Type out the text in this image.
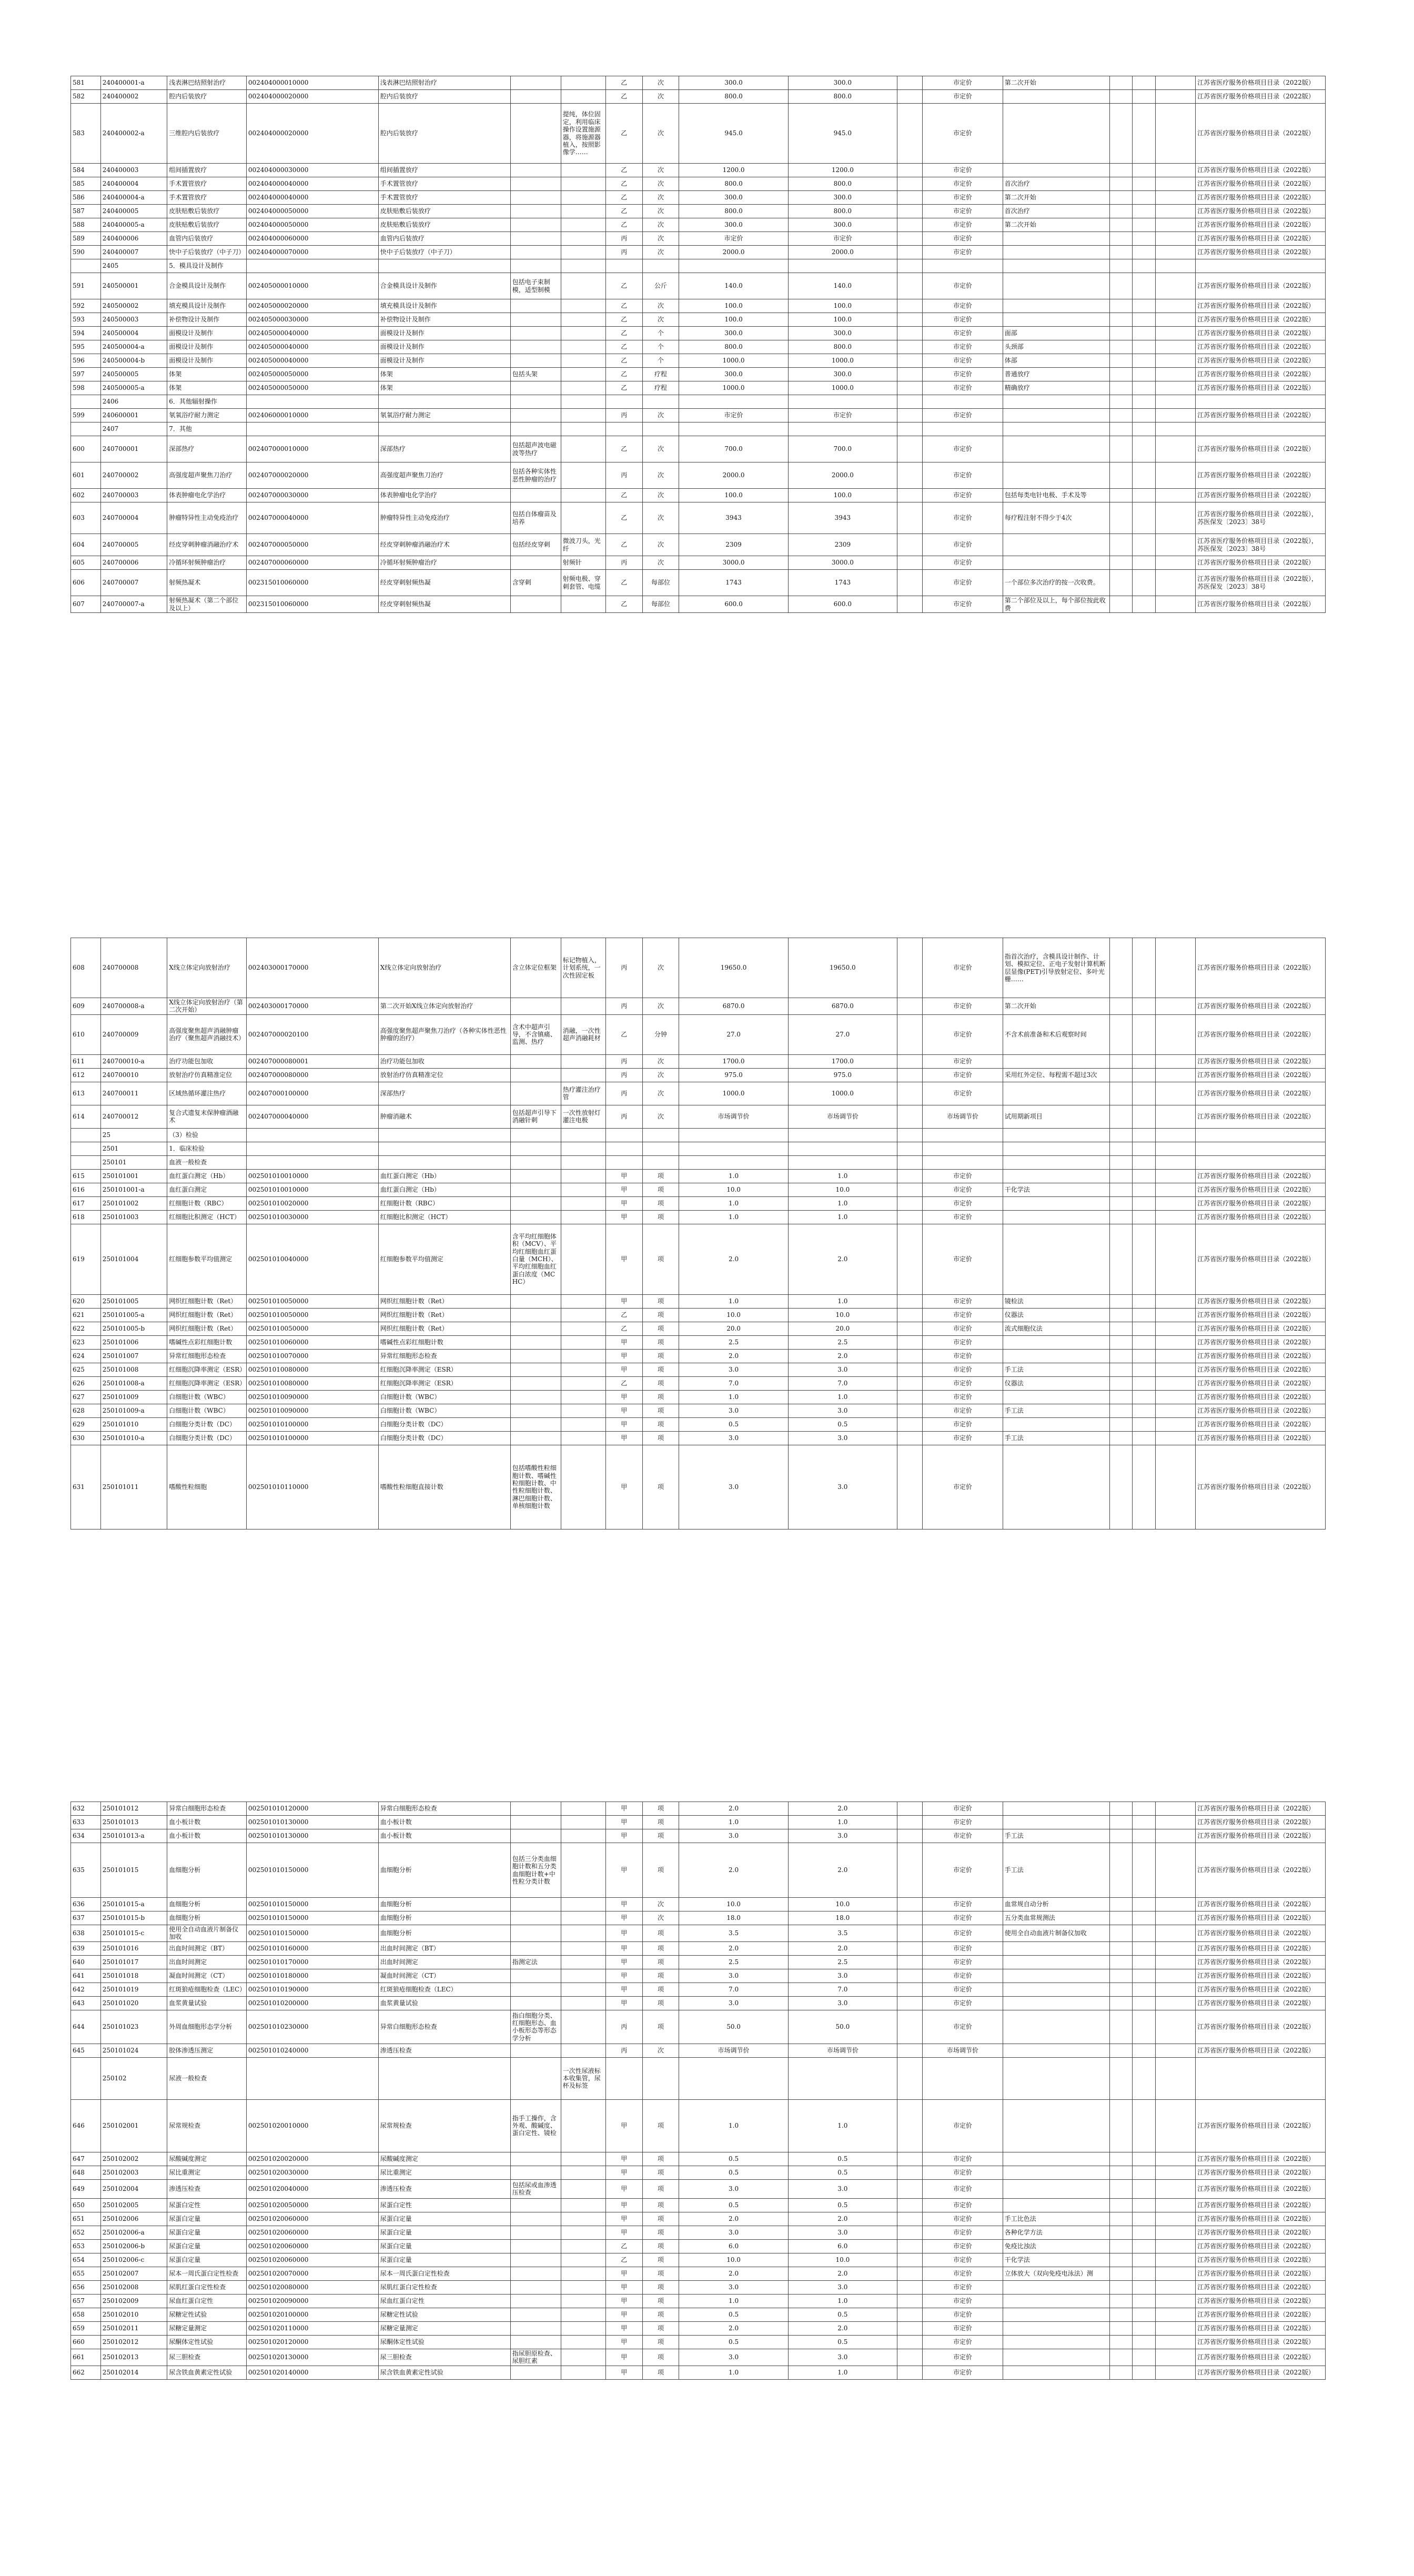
581	240400001-a	浅表淋巴结照射治疗	002404000010000	浅表淋巴结照射治疗			乙	次	300.0	300.0		市定价	第二次开始				江苏省医疗服务价格项目目录（2022版）
582	240400002	腔内后装放疗	002404000020000	腔内后装放疗			乙	次	800.0	800.0		市定价					江苏省医疗服务价格项目目录（2022版）
583	240400002-a	三维腔内后装放疗	002404000020000	腔内后装放疗		提纯，体位固定，利用临床操作设置施源器，将施源器植入，按照影像学……	乙	次	945.0	945.0		市定价					江苏省医疗服务价格项目目录（2022版）
584	240400003	组间插置放疗	002404000030000	组间插置放疗			乙	次	1200.0	1200.0		市定价					江苏省医疗服务价格项目目录（2022版）
585	240400004	手术置管放疗	002404000040000	手术置管放疗			乙	次	800.0	800.0		市定价	首次治疗				江苏省医疗服务价格项目目录（2022版）
586	240400004-a	手术置管放疗	002404000040000	手术置管放疗			乙	次	300.0	300.0		市定价	第二次开始				江苏省医疗服务价格项目目录（2022版）
587	240400005	皮肤贴敷后装放疗	002404000050000	皮肤贴敷后装放疗			乙	次	800.0	800.0		市定价	首次治疗				江苏省医疗服务价格项目目录（2022版）
588	240400005-a	皮肤贴敷后装放疗	002404000050000	皮肤贴敷后装放疗			乙	次	300.0	300.0		市定价	第二次开始				江苏省医疗服务价格项目目录（2022版）
589	240400006	血管内后装放疗	002404000060000	血管内后装放疗			丙	次	市定价	市定价		市定价					江苏省医疗服务价格项目目录（2022版）
590	240400007	快中子后装放疗（中子刀）	002404000070000	快中子后装放疗（中子刀）			丙	次	2000.0	2000.0		市定价					江苏省医疗服务价格项目目录（2022版）
	2405	5．模具设计及制作															
591	240500001	合金模具设计及制作	002405000010000	合金模具设计及制作	包括电子束制模，适型制模		乙	公斤	140.0	140.0		市定价					江苏省医疗服务价格项目目录（2022版）
592	240500002	填充模具设计及制作	002405000020000	填充模具设计及制作			乙	次	100.0	100.0		市定价					江苏省医疗服务价格项目目录（2022版）
593	240500003	补偿物设计及制作	002405000030000	补偿物设计及制作			乙	次	100.0	100.0		市定价					江苏省医疗服务价格项目目录（2022版）
594	240500004	面模设计及制作	002405000040000	面模设计及制作			乙	个	300.0	300.0		市定价	面部				江苏省医疗服务价格项目目录（2022版）
595	240500004-a	面模设计及制作	002405000040000	面模设计及制作			乙	个	800.0	800.0		市定价	头颈部				江苏省医疗服务价格项目目录（2022版）
596	240500004-b	面模设计及制作	002405000040000	面模设计及制作			乙	个	1000.0	1000.0		市定价	体部				江苏省医疗服务价格项目目录（2022版）
597	240500005	体架	002405000050000	体架	包括头架		乙	疗程	300.0	300.0		市定价	普通放疗				江苏省医疗服务价格项目目录（2022版）
598	240500005-a	体架	002405000050000	体架			乙	疗程	1000.0	1000.0		市定价	精确放疗				江苏省医疗服务价格项目目录（2022版）
	2406	6．其他辐射操作															
599	240600001	氡氧浴疗耐力测定	002406000010000	氡氧浴疗耐力测定			丙	次	市定价	市定价		市定价					江苏省医疗服务价格项目目录（2022版）
	2407	7．其他															
600	240700001	深部热疗	002407000010000	深部热疗	包括超声波电磁波等热疗		乙	次	700.0	700.0		市定价					江苏省医疗服务价格项目目录（2022版）
601	240700002	高强度超声聚焦刀治疗	002407000020000	高强度超声聚焦刀治疗	包括各种实体性恶性肿瘤的治疗		丙	次	2000.0	2000.0		市定价					江苏省医疗服务价格项目目录（2022版）
602	240700003	体表肿瘤电化学治疗	002407000030000	体表肿瘤电化学治疗			乙	次	100.0	100.0		市定价	包括每类电针电极、手术及等				江苏省医疗服务价格项目目录（2022版）
603	240700004	肿瘤特异性主动免疫治疗	002407000040000	肿瘤特异性主动免疫治疗	包括自体瘤苗及培养		乙	次	3943	3943		市定价	每疗程注射不得少于4次				江苏省医疗服务价格项目目录（2022版），苏医保发〔2023〕38号
604	240700005	经皮穿刺肿瘤消融治疗术	002407000050000	经皮穿刺肿瘤消融治疗术	包括经皮穿刺	微波刀头，光纤	乙	次	2309	2309		市定价					江苏省医疗服务价格项目目录（2022版），苏医保发〔2023〕38号
605	240700006	冷循环射频肿瘤治疗	002407000060000	冷循环射频肿瘤治疗		射频针	丙	次	3000.0	3000.0		市定价					江苏省医疗服务价格项目目录（2022版）
606	240700007	射频热凝术	002315010060000	经皮穿刺射频热凝	含穿刺	射频电极、穿刺套管、电缆	乙	每部位	1743	1743		市定价	一个部位多次治疗的按一次收费。				江苏省医疗服务价格项目目录（2022版），苏医保发〔2023〕38号
607	240700007-a	射频热凝术（第二个部位及以上）	002315010060000	经皮穿刺射频热凝			乙	每部位	600.0	600.0		市定价	第二个部位及以上，每个部位按此收费				江苏省医疗服务价格项目目录（2022版）
608	240700008	X线立体定向放射治疗	002403000170000	X线立体定向放射治疗	含立体定位框架	标记物植入，计划系统，一次性固定板	丙	次	19650.0	19650.0		市定价	指首次治疗，含模具设计制作、计划、模拟定位、正电子发射计算机断层显像(PET)引导放射定位、多叶光栅……				江苏省医疗服务价格项目目录（2022版）
609	240700008-a	X线立体定向放射治疗（第二次开始）	002403000170000	第二次开始X线立体定向放射治疗			丙	次	6870.0	6870.0		市定价	第二次开始				江苏省医疗服务价格项目目录（2022版）
610	240700009	高强度聚焦超声消融肿瘤治疗（聚焦超声消融技术）	002407000020100	高强度聚焦超声聚焦刀治疗（各种实体性恶性肿瘤的治疗）	含术中超声引导，不含镇痛、监测、热疗	消融，一次性超声消融耗材	乙	分钟	27.0	27.0		市定价	不含术前准备和术后观察时间				江苏省医疗服务价格项目目录（2022版）
611	240700010-a	治疗功能包加收	002407000080001	治疗功能包加收			丙	次	1700.0	1700.0		市定价					江苏省医疗服务价格项目目录（2022版）
612	240700010	放射治疗仿真精准定位	002407000080000	放射治疗仿真精准定位			丙	次	975.0	975.0		市定价	采用红外定位、每程需不超过3次				江苏省医疗服务价格项目目录（2022版）
613	240700011	区域热循环灌注热疗	002407000100000	深部热疗		热疗灌注治疗管	丙	次	1000.0	1000.0		市定价					江苏省医疗服务价格项目目录（2022版）
614	240700012	复合式遗复末保肿瘤酒融术	002407000040000	肿瘤消融术	包括超声引导下消融针刺	一次性放射灯灌注电极	丙	次	市场调节价	市场调节价		市场调节价	试用期新项目				江苏省医疗服务价格项目目录（2022版）
	25	（3）检验															
	2501	1．临床检验															
	250101	血液一般检查															
615	250101001	血红蛋白测定（Hb）	002501010010000	血红蛋白测定（Hb）			甲	项	1.0	1.0		市定价					江苏省医疗服务价格项目目录（2022版）
616	250101001-a	血红蛋白测定	002501010010000	血红蛋白测定（Hb）			甲	项	10.0	10.0		市定价	干化学法				江苏省医疗服务价格项目目录（2022版）
617	250101002	红细胞计数（RBC）	002501010020000	红细胞计数（RBC）			甲	项	1.0	1.0		市定价					江苏省医疗服务价格项目目录（2022版）
618	250101003	红细胞比积测定（HCT）	002501010030000	红细胞比积测定（HCT）			甲	项	1.0	1.0		市定价					江苏省医疗服务价格项目目录（2022版）
619	250101004	红细胞参数平均值测定	002501010040000	红细胞参数平均值测定	含平均红细胞体积（MCV）、平均红细胞血红蛋白量（MCH）、平均红细胞血红蛋白浓度（MCHC）		甲	项	2.0	2.0		市定价					江苏省医疗服务价格项目目录（2022版）
620	250101005	网织红细胞计数（Ret）	002501010050000	网织红细胞计数（Ret）			甲	项	1.0	1.0		市定价	镜检法				江苏省医疗服务价格项目目录（2022版）
621	250101005-a	网织红细胞计数（Ret）	002501010050000	网织红细胞计数（Ret）			乙	项	10.0	10.0		市定价	仪器法				江苏省医疗服务价格项目目录（2022版）
622	250101005-b	网织红细胞计数（Ret）	002501010050000	网织红细胞计数（Ret）			乙	项	20.0	20.0		市定价	流式细胞仪法				江苏省医疗服务价格项目目录（2022版）
623	250101006	嗜碱性点彩红细胞计数	002501010060000	嗜碱性点彩红细胞计数			甲	项	2.5	2.5		市定价					江苏省医疗服务价格项目目录（2022版）
624	250101007	异常红细胞形态检查	002501010070000	异常红细胞形态检查			甲	项	2.0	2.0		市定价					江苏省医疗服务价格项目目录（2022版）
625	250101008	红细胞沉降率测定（ESR）	002501010080000	红细胞沉降率测定（ESR）			甲	项	3.0	3.0		市定价	手工法				江苏省医疗服务价格项目目录（2022版）
626	250101008-a	红细胞沉降率测定（ESR）	002501010080000	红细胞沉降率测定（ESR）			乙	项	7.0	7.0		市定价	仪器法				江苏省医疗服务价格项目目录（2022版）
627	250101009	白细胞计数（WBC）	002501010090000	白细胞计数（WBC）			甲	项	1.0	1.0		市定价					江苏省医疗服务价格项目目录（2022版）
628	250101009-a	白细胞计数（WBC）	002501010090000	白细胞计数（WBC）			甲	项	3.0	3.0		市定价	手工法				江苏省医疗服务价格项目目录（2022版）
629	250101010	白细胞分类计数（DC）	002501010100000	白细胞分类计数（DC）			甲	项	0.5	0.5		市定价					江苏省医疗服务价格项目目录（2022版）
630	250101010-a	白细胞分类计数（DC）	002501010100000	白细胞分类计数（DC）			甲	项	3.0	3.0		市定价	手工法				江苏省医疗服务价格项目目录（2022版）
631	250101011	嗜酸性粒细胞	002501010110000	嗜酸性粒细胞直接计数	包括嗜酸性粒细胞计数、嗜碱性粒细胞计数、中性粒细胞计数、淋巴细胞计数、单核细胞计数		甲	项	3.0	3.0		市定价					江苏省医疗服务价格项目目录（2022版）
632	250101012	异常白细胞形态检查	002501010120000	异常白细胞形态检查			甲	项	2.0	2.0		市定价					江苏省医疗服务价格项目目录（2022版）
633	250101013	血小板计数	002501010130000	血小板计数			甲	项	1.0	1.0		市定价					江苏省医疗服务价格项目目录（2022版）
634	250101013-a	血小板计数	002501010130000	血小板计数			甲	项	3.0	3.0		市定价	手工法				江苏省医疗服务价格项目目录（2022版）
635	250101015	血细胞分析	002501010150000	血细胞分析	包括三分类血细胞计数和五分类血细胞计数+中性粒分类计数		甲	项	2.0	2.0		市定价	手工法				江苏省医疗服务价格项目目录（2022版）
636	250101015-a	血细胞分析	002501010150000	血细胞分析			甲	次	10.0	10.0		市定价	血常规自动分析				江苏省医疗服务价格项目目录（2022版）
637	250101015-b	血细胞分析	002501010150000	血细胞分析			甲	次	18.0	18.0		市定价	五分类血常规测法				江苏省医疗服务价格项目目录（2022版）
638	250101015-c	使用全自动血液片制备仪加收	002501010150000	血细胞分析			甲	项	3.5	3.5		市定价	使用全自动血液片制备仪加收				江苏省医疗服务价格项目目录（2022版）
639	250101016	出血时间测定（BT）	002501010160000	出血时间测定（BT）			甲	项	2.0	2.0		市定价					江苏省医疗服务价格项目目录（2022版）
640	250101017	出血时间测定	002501010170000	出血时间测定	指测定法		甲	项	2.5	2.5		市定价					江苏省医疗服务价格项目目录（2022版）
641	250101018	凝血时间测定（CT）	002501010180000	凝血时间测定（CT）			甲	项	3.0	3.0		市定价					江苏省医疗服务价格项目目录（2022版）
642	250101019	红斑狼疮细胞检查（LEC）	002501010190000	红斑狼疮细胞检查（LEC）			甲	项	7.0	7.0		市定价					江苏省医疗服务价格项目目录（2022版）
643	250101020	血浆黄量试验	002501010200000	血浆黄量试验			甲	项	3.0	3.0		市定价					江苏省医疗服务价格项目目录（2022版）
644	250101023	外周血细胞形态学分析	002501010230000	异常白细胞形态检查	指白细胞分类、红细胞形态、血小板形态等形态学分析		丙	项	50.0	50.0		市定价					江苏省医疗服务价格项目目录（2022版）
645	250101024	胶体渗透压测定	002501010240000	渗透压检查			丙	次	市场调节价	市场调节价		市场调节价					江苏省医疗服务价格项目目录（2022版）
	250102	尿液一般检查				一次性尿液标本收集管，尿杯及标签											
646	250102001	尿常规检查	002501020010000	尿常规检查	指手工操作，含外观、酸碱度、蛋白定性、镜检		甲	项	1.0	1.0		市定价					江苏省医疗服务价格项目目录（2022版）
647	250102002	尿酸碱度测定	002501020020000	尿酸碱度测定			甲	项	0.5	0.5		市定价					江苏省医疗服务价格项目目录（2022版）
648	250102003	尿比重测定	002501020030000	尿比重测定			甲	项	0.5	0.5		市定价					江苏省医疗服务价格项目目录（2022版）
649	250102004	渗透压检查	002501020040000	渗透压检查	包括尿或血渗透压检查		甲	项	3.0	3.0		市定价					江苏省医疗服务价格项目目录（2022版）
650	250102005	尿蛋白定性	002501020050000	尿蛋白定性			甲	项	0.5	0.5		市定价					江苏省医疗服务价格项目目录（2022版）
651	250102006	尿蛋白定量	002501020060000	尿蛋白定量			甲	项	2.0	2.0		市定价	手工比色法				江苏省医疗服务价格项目目录（2022版）
652	250102006-a	尿蛋白定量	002501020060000	尿蛋白定量			甲	项	3.0	3.0		市定价	各种化学方法				江苏省医疗服务价格项目目录（2022版）
653	250102006-b	尿蛋白定量	002501020060000	尿蛋白定量			乙	项	6.0	6.0		市定价	免疫比浊法				江苏省医疗服务价格项目目录（2022版）
654	250102006-c	尿蛋白定量	002501020060000	尿蛋白定量			乙	项	10.0	10.0		市定价	干化学法				江苏省医疗服务价格项目目录（2022版）
655	250102007	尿本一周氏蛋白定性检查	002501020070000	尿本一周氏蛋白定性检查			甲	项	2.0	2.0		市定价	立体放大（双向免疫电泳法）测				江苏省医疗服务价格项目目录（2022版）
656	250102008	尿肌红蛋白定性检查	002501020080000	尿肌红蛋白定性检查			甲	项	3.0	3.0		市定价					江苏省医疗服务价格项目目录（2022版）
657	250102009	尿血红蛋白定性	002501020090000	尿血红蛋白定性			甲	项	1.0	1.0		市定价					江苏省医疗服务价格项目目录（2022版）
658	250102010	尿糖定性试验	002501020100000	尿糖定性试验			甲	项	0.5	0.5		市定价					江苏省医疗服务价格项目目录（2022版）
659	250102011	尿糖定量测定	002501020110000	尿糖定量测定			甲	项	2.0	2.0		市定价					江苏省医疗服务价格项目目录（2022版）
660	250102012	尿酮体定性试验	002501020120000	尿酮体定性试验			甲	项	0.5	0.5		市定价					江苏省医疗服务价格项目目录（2022版）
661	250102013	尿三胆检查	002501020130000	尿三胆检查	指尿胆原检查、尿胆红素		甲	项	3.0	3.0		市定价					江苏省医疗服务价格项目目录（2022版）
662	250102014	尿含铁血黄素定性试验	002501020140000	尿含铁血黄素定性试验			甲	项	1.0	1.0		市定价					江苏省医疗服务价格项目目录（2022版）
